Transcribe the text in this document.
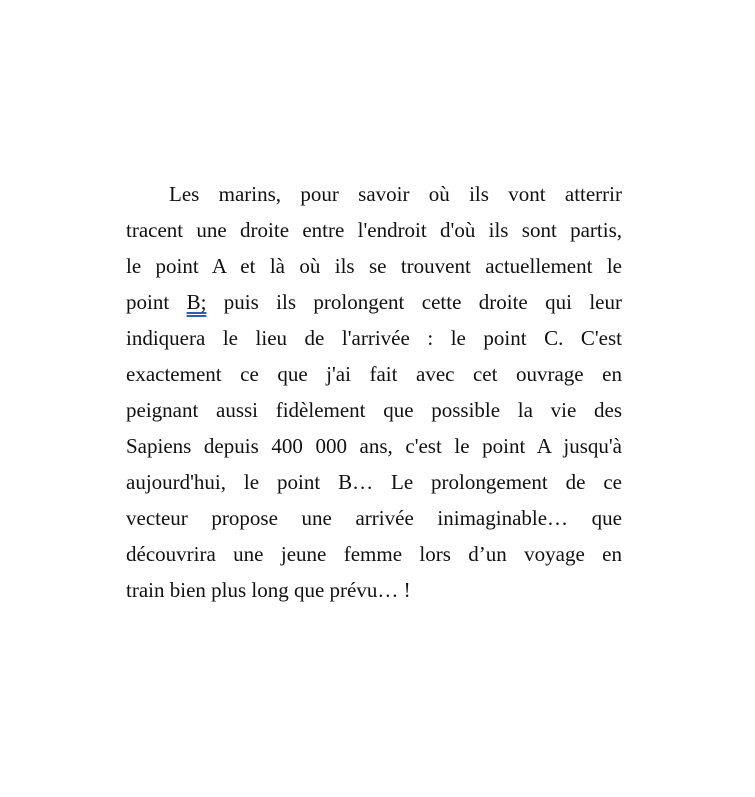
Les marins, pour savoir où ils vont atterrir
tracent une droite entre l'endroit d'où ils sont partis,
le point A et là où ils se trouvent actuellement le
point B; puis ils prolongent cette droite qui leur
indiquera le lieu de l'arrivée : le point C. C'est
exactement ce que j'ai fait avec cet ouvrage en
peignant aussi fidèlement que possible la vie des
Sapiens depuis 400 000 ans, c'est le point A jusqu'à
aujourd'hui, le point B… Le prolongement de ce
vecteur propose une arrivée inimaginable… que
découvrira une jeune femme lors d’un voyage en
train bien plus long que prévu… !
